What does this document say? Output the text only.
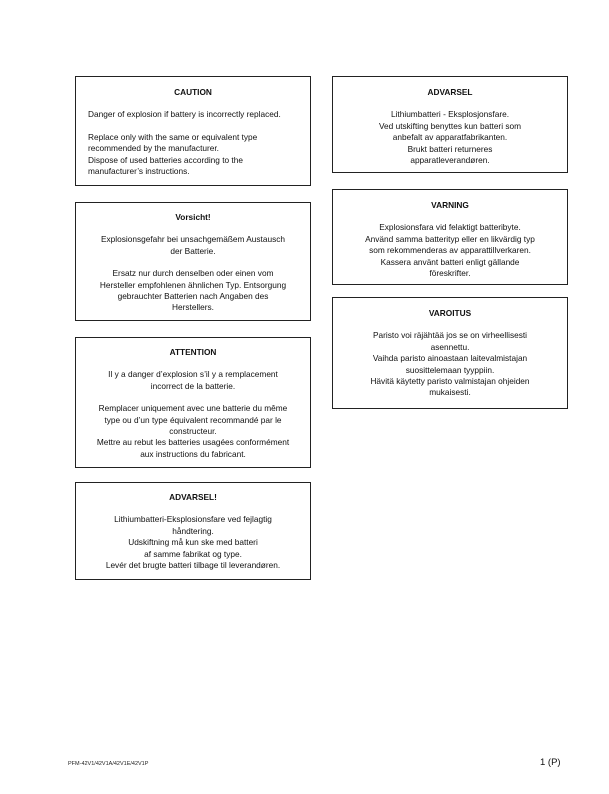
CAUTION
Danger of explosion if battery is incorrectly replaced.
Replace only with the same or equivalent type
recommended by the manufacturer.
Dispose of used batteries according to the
manufacturer’s instructions.
Vorsicht!
Explosionsgefahr bei unsachgemäßem Austausch
der Batterie.
Ersatz nur durch denselben oder einen vom
Hersteller empfohlenen ähnlichen Typ. Entsorgung
gebrauchter Batterien nach Angaben des
Herstellers.
ATTENTION
Il y a danger d’explosion s’il y a remplacement
incorrect de la batterie.
Remplacer uniquement avec une batterie du même
type ou d’un type équivalent recommandé par le
constructeur.
Mettre au rebut les batteries usagées conformément
aux instructions du fabricant.
ADVARSEL!
Lithiumbatteri-Eksplosionsfare ved fejlagtig
håndtering.
Udskiftning må kun ske med batteri
af samme fabrikat og type.
Levér det brugte batteri tilbage til leverandøren.
ADVARSEL
Lithiumbatteri - Eksplosjonsfare.
Ved utskifting benyttes kun batteri som
anbefalt av apparatfabrikanten.
Brukt batteri returneres
apparatleverandøren.
VARNING
Explosionsfara vid felaktigt batteribyte.
Använd samma batterityp eller en likvärdig typ
som rekommenderas av apparattillverkaren.
Kassera använt batteri enligt gällande
föreskrifter.
VAROITUS
Paristo voi räjähtää jos se on virheellisesti
asennettu.
Vaihda paristo ainoastaan laitevalmistajan
suosittelemaan tyyppiin.
Hävitä käytetty paristo valmistajan ohjeiden
mukaisesti.
PFM-42V1/42V1A/42V1E/42V1P	1 (P)
